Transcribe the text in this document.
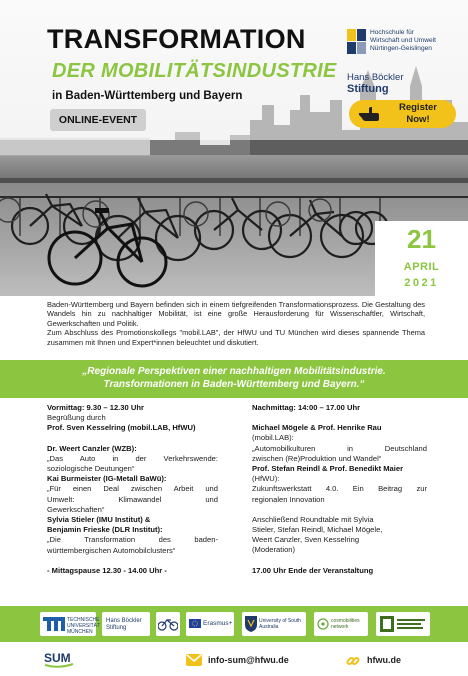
TRANSFORMATION
DER MOBILITÄTSINDUSTRIE
in Baden-Württemberg und Bayern
ONLINE-EVENT
Hochschule für
Wirtschaft und Umwelt
Nürtingen-Geislingen
Hans Böckler
Stiftung
Register
Now!
21
APRIL
2021

Baden-Württemberg und Bayern befinden sich in einem tiefgreifenden Transformationsprozess. Die Gestaltung des Wandels hin zu nachhaltiger Mobilität, ist eine große Herausforderung für Wissenschaftler, Wirtschaft, Gewerkschaften und Politik.

Zum Abschluss des Promotionskollegs "mobil.LAB", der HfWU und TU München wird dieses spannende Thema zusammen mit Ihnen und Expert*innen beleuchtet und diskutiert.

„Regionale Perspektiven einer nachhaltigen Mobilitätsindustrie.
Transformationen in Baden-Württemberg und Bayern.“
Vormittag: 9.30 – 12.30 Uhr
Begrüßung durch
Prof. Sven Kesselring (mobil.LAB, HfWU)
Dr. Weert Canzler (WZB):
„Das Auto in der Verkehrswende:
soziologische Deutungen“
Kai Burmeister (IG-Metall BaWü):
„Für einen Deal zwischen Arbeit und
Umwelt: Klimawandel und
Gewerkschaften“
Sylvia Stieler (IMU Institut) &
Benjamin Frieske (DLR Institut):
„Die Transformation des baden-
württembergischen Automobilclusters“
- Mittagspause 12.30 - 14.00 Uhr -
Nachmittag: 14:00 – 17.00 Uhr
Michael Mögele & Prof. Henrike Rau
(mobil.LAB):
„Automobilkulturen in Deutschland
zwischen (Re)Produktion und Wandel“
Prof. Stefan Reindl & Prof. Benedikt Maier
(HfWU):
Zukunftswerkstatt 4.0. Ein Beitrag zur
regionalen Innovation
Anschließend Roundtable mit Sylvia
Stieler, Stefan Reindl, Michael Mögele,
Weert Canzler, Sven Kesselring
(Moderation)
17.00 Uhr Ende der Veranstaltung
TECHNISCHE UNIVERSITÄT MÜNCHEN
Hans Böckler Stiftung
Erasmus+	University of South Australia
cosmobilities network
SUM	info-sum@hfwu.de	hfwu.de
